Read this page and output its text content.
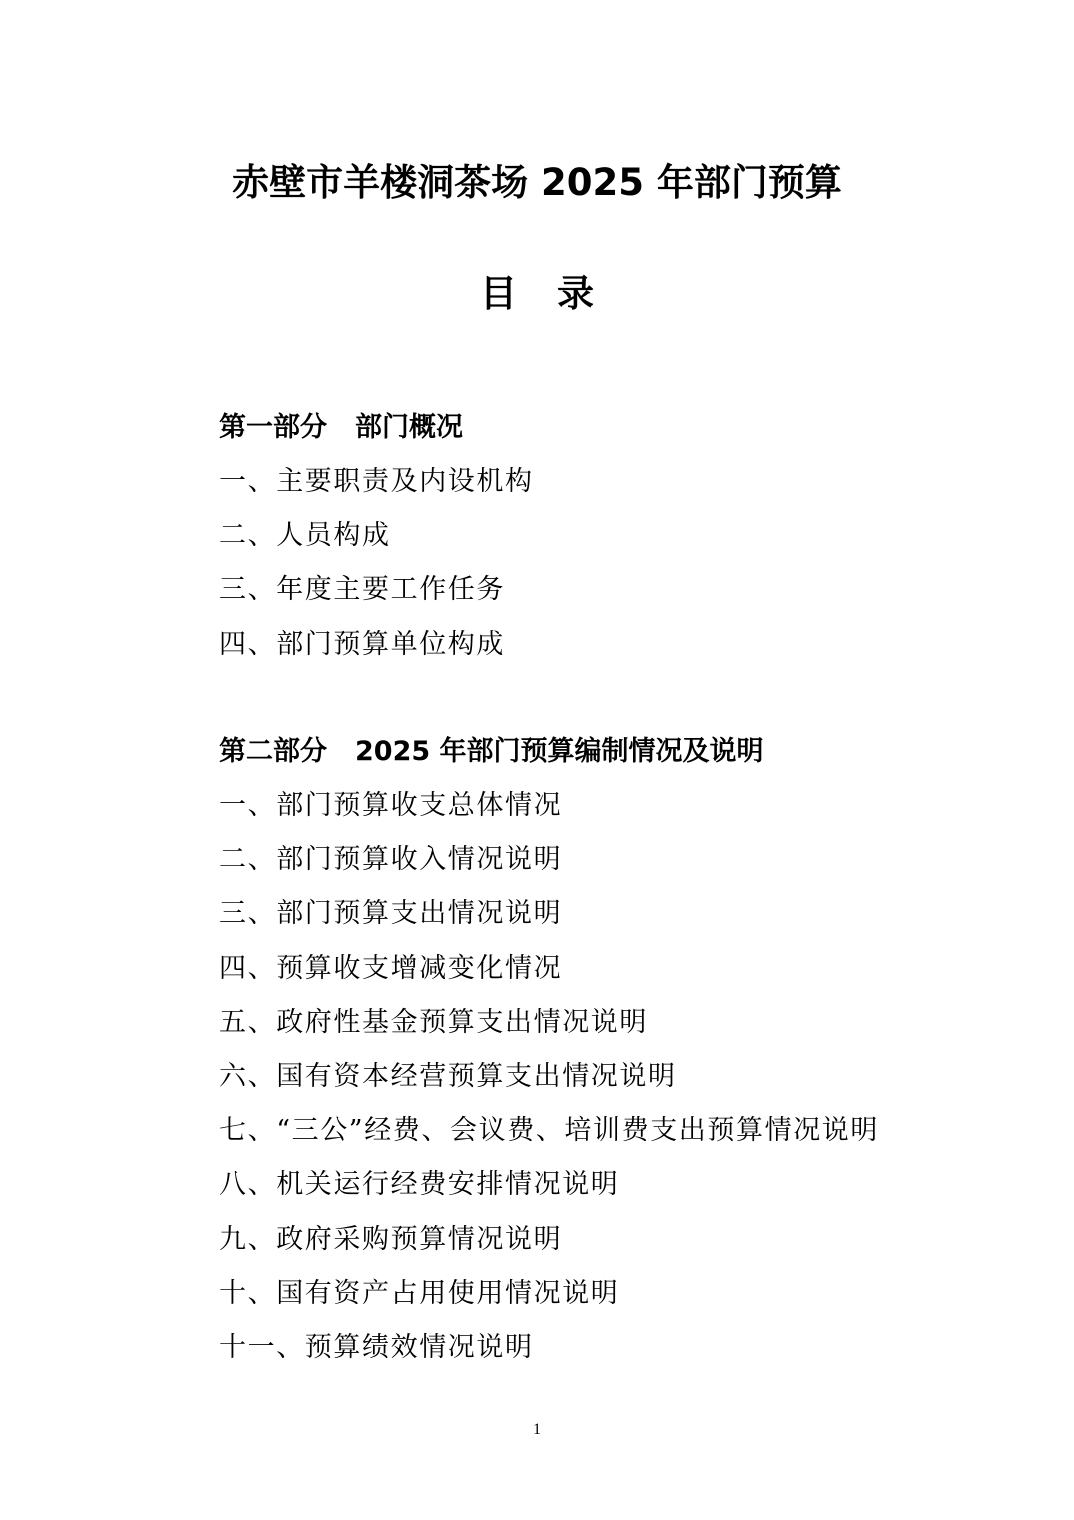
赤壁市羊楼洞茶场 2025 年部门预算
目 录
第一部分 部门概况
一、主要职责及内设机构
二、人员构成
三、年度主要工作任务
四、部门预算单位构成
第二部分 2025 年部门预算编制情况及说明
一、部门预算收支总体情况
二、部门预算收入情况说明
三、部门预算支出情况说明
四、预算收支增减变化情况
五、政府性基金预算支出情况说明
六、国有资本经营预算支出情况说明
七、“三公”经费、会议费、培训费支出预算情况说明
八、机关运行经费安排情况说明
九、政府采购预算情况说明
十、国有资产占用使用情况说明
十一、预算绩效情况说明
1
